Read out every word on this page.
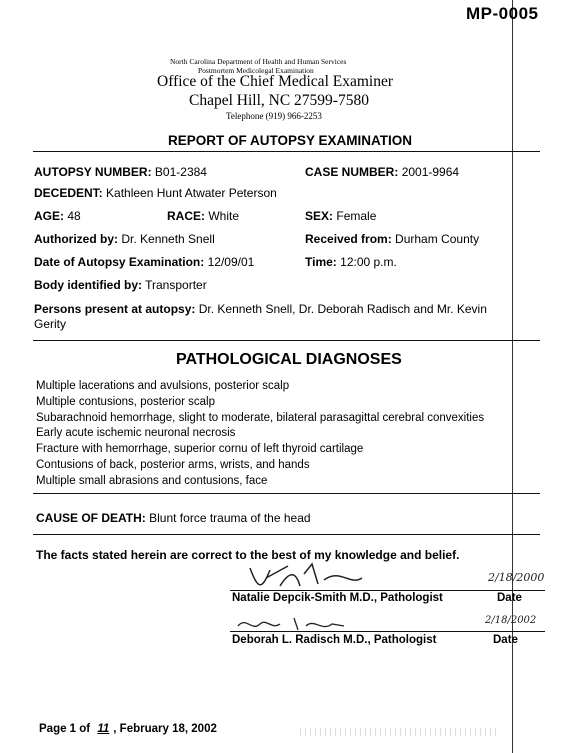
MP-0005
North Carolina Department of Health and Human Services
Postmortem Medicolegal Examination
Office of the Chief Medical Examiner
Chapel Hill, NC 27599-7580
Telephone (919) 966-2253
REPORT OF AUTOPSY EXAMINATION
AUTOPSY NUMBER: B01-2384	CASE NUMBER: 2001-9964
DECEDENT: Kathleen Hunt Atwater Peterson
AGE: 48	RACE: White	SEX: Female
Authorized by: Dr. Kenneth Snell	Received from: Durham County
Date of Autopsy Examination: 12/09/01	Time: 12:00 p.m.
Body identified by: Transporter
Persons present at autopsy: Dr. Kenneth Snell, Dr. Deborah Radisch and Mr. Kevin
Gerity
PATHOLOGICAL DIAGNOSES
Multiple lacerations and avulsions, posterior scalp
Multiple contusions, posterior scalp
Subarachnoid hemorrhage, slight to moderate, bilateral parasagittal cerebral convexities
Early acute ischemic neuronal necrosis
Fracture with hemorrhage, superior cornu of left thyroid cartilage
Contusions of back, posterior arms, wrists, and hands
Multiple small abrasions and contusions, face
CAUSE OF DEATH: Blunt force trauma of the head
The facts stated herein are correct to the best of my knowledge and belief.
2/18/2000
Natalie Depcik-Smith M.D., Pathologist	Date
2/18/2002
Deborah L. Radisch M.D., Pathologist	Date
Page 1 of 11 , February 18, 2002
